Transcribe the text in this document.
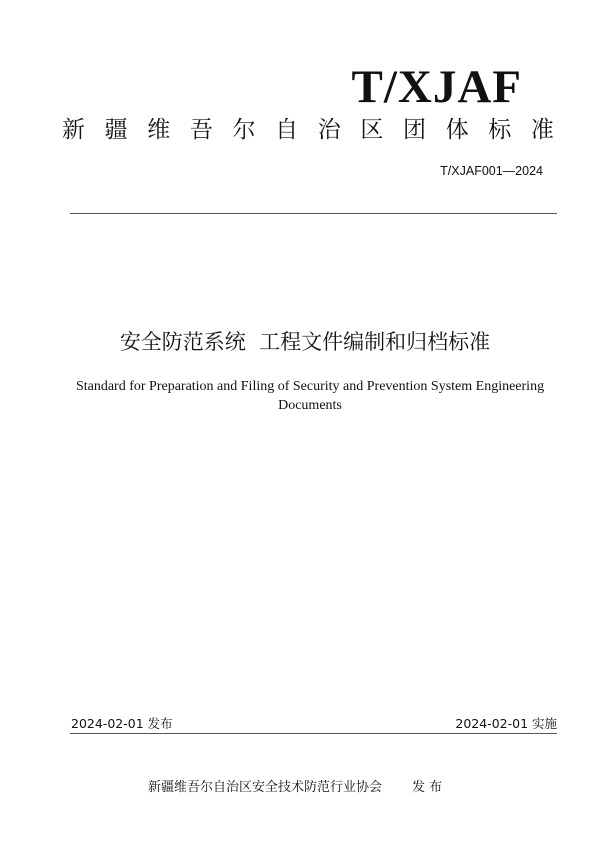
T/XJAF
新 疆 维 吾 尔 自 治 区 团 体 标 准
T/XJAF001—2024
安全防范系统  工程文件编制和归档标准
Standard for Preparation and Filing of Security and Prevention System Engineering
Documents
2024-02-01 发布	2024-02-01 实施
新疆维吾尔自治区安全技术防范行业协会 发 布
